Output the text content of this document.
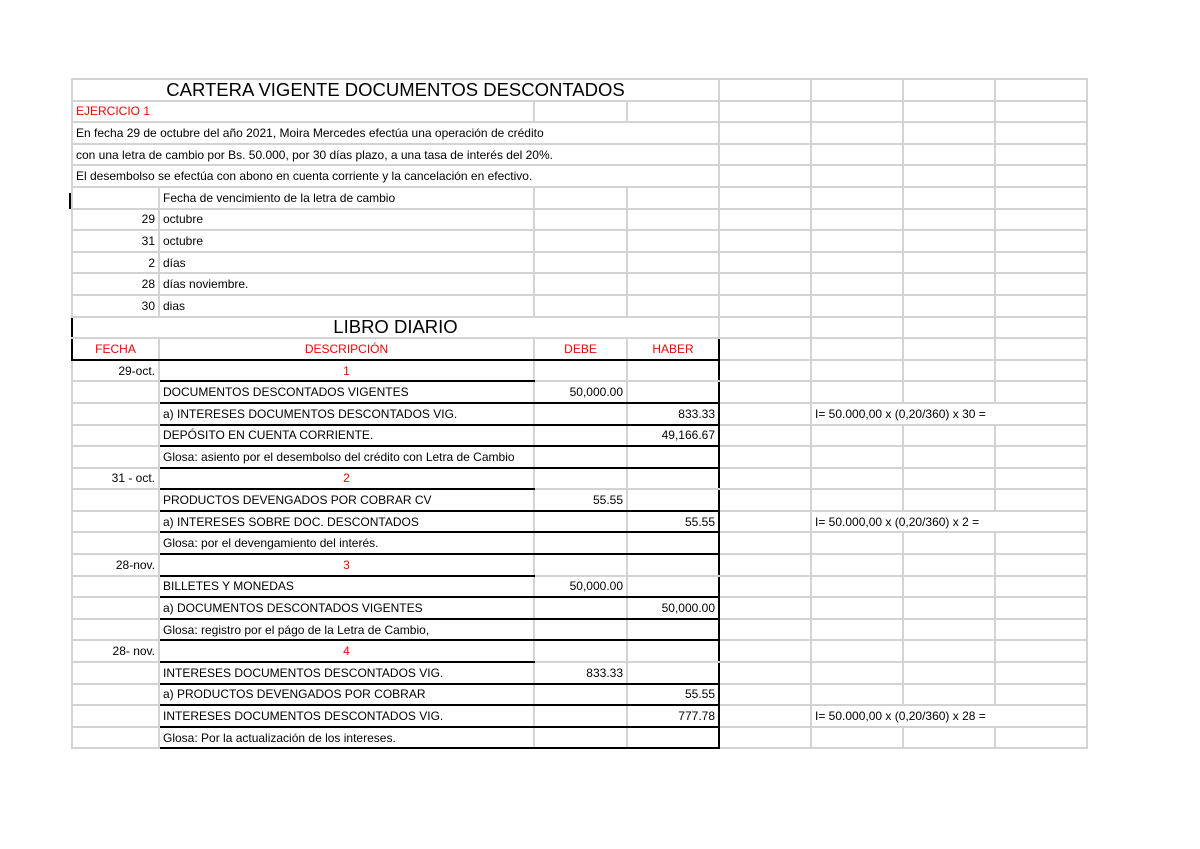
CARTERA VIGENTE DOCUMENTOS DESCONTADOS							
EJERCICIO 1							
En fecha 29 de octubre del año 2021, Moira Mercedes efectúa una operación de crédito							
con una letra de cambio por Bs. 50.000, por 30 días plazo, a una tasa de interés del 20%.							
El desembolso se efectúa con abono en cuenta corriente y la cancelación en efectivo.							
	Fecha de vencimiento de la letra de cambio						
29	octubre						
31	octubre						
2	días						
28	días noviembre.						
30	dias						
LIBRO DIARIO							
FECHA	DESCRIPCIÓN	DEBE	HABER				
29-oct.	1						
	DOCUMENTOS DESCONTADOS VIGENTES	50,000.00					
	a) INTERESES DOCUMENTOS DESCONTADOS VIG.		833.33		I= 50.000,00 x (0,20/360) x 30 =		
	DEPÓSITO EN CUENTA CORRIENTE.		49,166.67				
	Glosa: asiento por el desembolso del crédito con Letra de Cambio						
31 - oct.	2						
	PRODUCTOS DEVENGADOS POR COBRAR CV	55.55					
	a) INTERESES SOBRE DOC. DESCONTADOS		55.55		I= 50.000,00 x (0,20/360) x 2 =		
	Glosa: por el devengamiento del interés.						
28-nov.	3						
	BILLETES Y MONEDAS	50,000.00					
	a) DOCUMENTOS DESCONTADOS VIGENTES		50,000.00				
	Glosa: registro por el págo de la Letra de Cambio,						
28- nov.	4						
	INTERESES DOCUMENTOS DESCONTADOS VIG.	833.33					
	a) PRODUCTOS DEVENGADOS POR COBRAR		55.55				
	INTERESES DOCUMENTOS DESCONTADOS VIG.		777.78		I= 50.000,00 x (0,20/360) x 28 =		
	Glosa: Por la actualización de los intereses.						
